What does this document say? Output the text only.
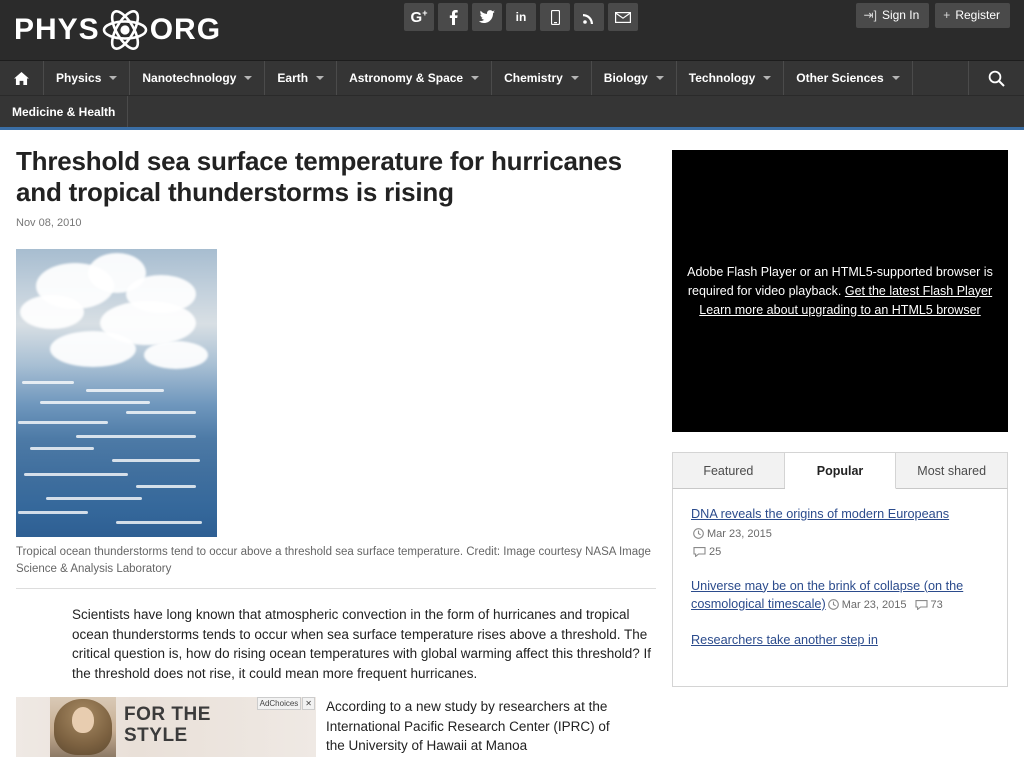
PHYS ORG	G+	in	⇥] Sign In + Register
Physics	Nanotechnology	Earth	Astronomy & Space	Chemistry	Biology	Technology	Other Sciences
Medicine & Health
Threshold sea surface temperature for hurricanes and tropical thunderstorms is rising
Nov 08, 2010
Tropical ocean thunderstorms tend to occur above a threshold sea surface temperature. Credit: Image courtesy NASA Image Science & Analysis Laboratory

Scientists have long known that atmospheric convection in the form of hurricanes and tropical ocean thunderstorms tends to occur when sea surface temperature rises above a threshold. The critical question is, how do rising ocean temperatures with global warming affect this threshold? If the threshold does not rise, it could mean more frequent hurricanes.

FOR THE
STYLE
AdChoices ✕ According to a new study by researchers at the International Pacific Research Center (IPRC) of the University of Hawaii at Manoa
Adobe Flash Player or an HTML5-supported browser is required for video playback. Get the latest Flash Player Learn more about upgrading to an HTML5 browser
Featured	Popular	Most shared
DNA reveals the origins of modern EuropeansMar 23, 2015
25
Universe may be on the brink of collapse (on the cosmological timescale) Mar 23, 2015 73
Researchers take another step in
